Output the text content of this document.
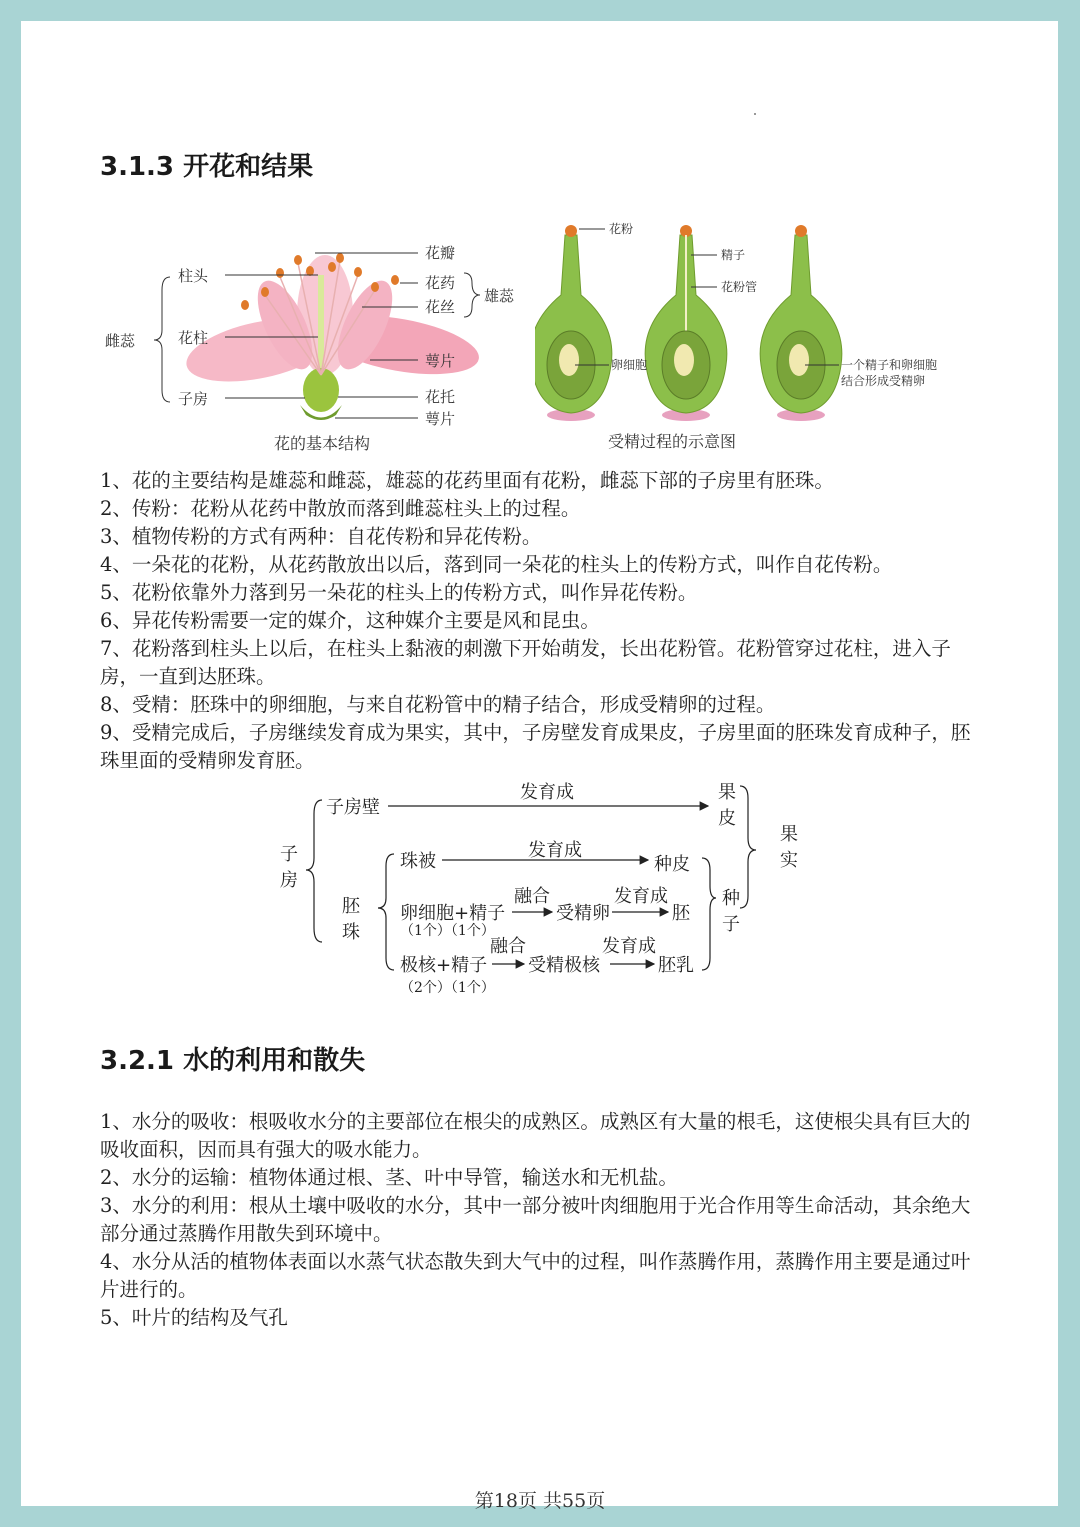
3.1.3 开花和结果
柱头
花柱
子房
雌蕊
花瓣
花药
花丝
雄蕊
萼片
花托
萼片
花的基本结构
花粉
精子
花粉管
卵细胞	一个精子和卵细胞
结合形成受精卵
受精过程的示意图

1、花的主要结构是雄蕊和雌蕊，雄蕊的花药里面有花粉，雌蕊下部的子房里有胚珠。

2、传粉：花粉从花药中散放而落到雌蕊柱头上的过程。

3、植物传粉的方式有两种：自花传粉和异花传粉。

4、一朵花的花粉，从花药散放出以后，落到同一朵花的柱头上的传粉方式，叫作自花传粉。

5、花粉依靠外力落到另一朵花的柱头上的传粉方式，叫作异花传粉。

6、异花传粉需要一定的媒介，这种媒介主要是风和昆虫。

7、花粉落到柱头上以后，在柱头上黏液的刺激下开始萌发，长出花粉管。花粉管穿过花柱，进入子房，一直到达胚珠。

8、受精：胚珠中的卵细胞，与来自花粉管中的精子结合，形成受精卵的过程。

9、受精完成后，子房继续发育成为果实，其中，子房壁发育成果皮，子房里面的胚珠发育成种子，胚珠里面的受精卵发育胚。

子
房
子房壁
发育成	果
皮
果
实
胚
珠
珠被
发育成
种皮
卵细胞+精子
（1个）（1个）
融合
受精卵
发育成
胚
种
子
极核+精子
（2个）（1个）
融合
受精极核
发育成
胚乳
3.2.1 水的利用和散失

1、水分的吸收：根吸收水分的主要部位在根尖的成熟区。成熟区有大量的根毛，这使根尖具有巨大的吸收面积，因而具有强大的吸水能力。

2、水分的运输：植物体通过根、茎、叶中导管，输送水和无机盐。

3、水分的利用：根从土壤中吸收的水分，其中一部分被叶肉细胞用于光合作用等生命活动，其余绝大部分通过蒸腾作用散失到环境中。

4、水分从活的植物体表面以水蒸气状态散失到大气中的过程，叫作蒸腾作用，蒸腾作用主要是通过叶片进行的。

5、叶片的结构及气孔

第18页 共55页
